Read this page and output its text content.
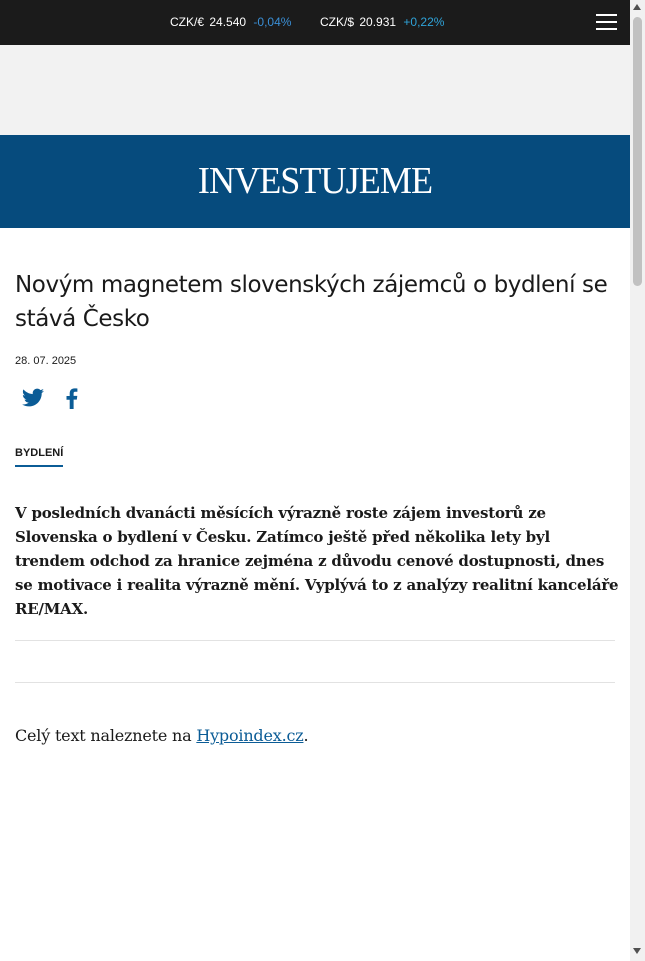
CZK/€ 24.540 -0,04% CZK/$ 20.931 +0,22%
INVESTUJEME
Novým magnetem slovenských zájemců o bydlení se stává Česko
28. 07. 2025
BYDLENÍ

V posledních dvanácti měsících výrazně roste zájem investorů ze Slovenska o bydlení v Česku. Zatímco ještě před několika lety byl trendem odchod za hranice zejména z důvodu cenové dostupnosti, dnes se motivace i realita výrazně mění. Vyplývá to z analýzy realitní kanceláře RE/MAX.

Celý text naleznete na Hypoindex.cz.
